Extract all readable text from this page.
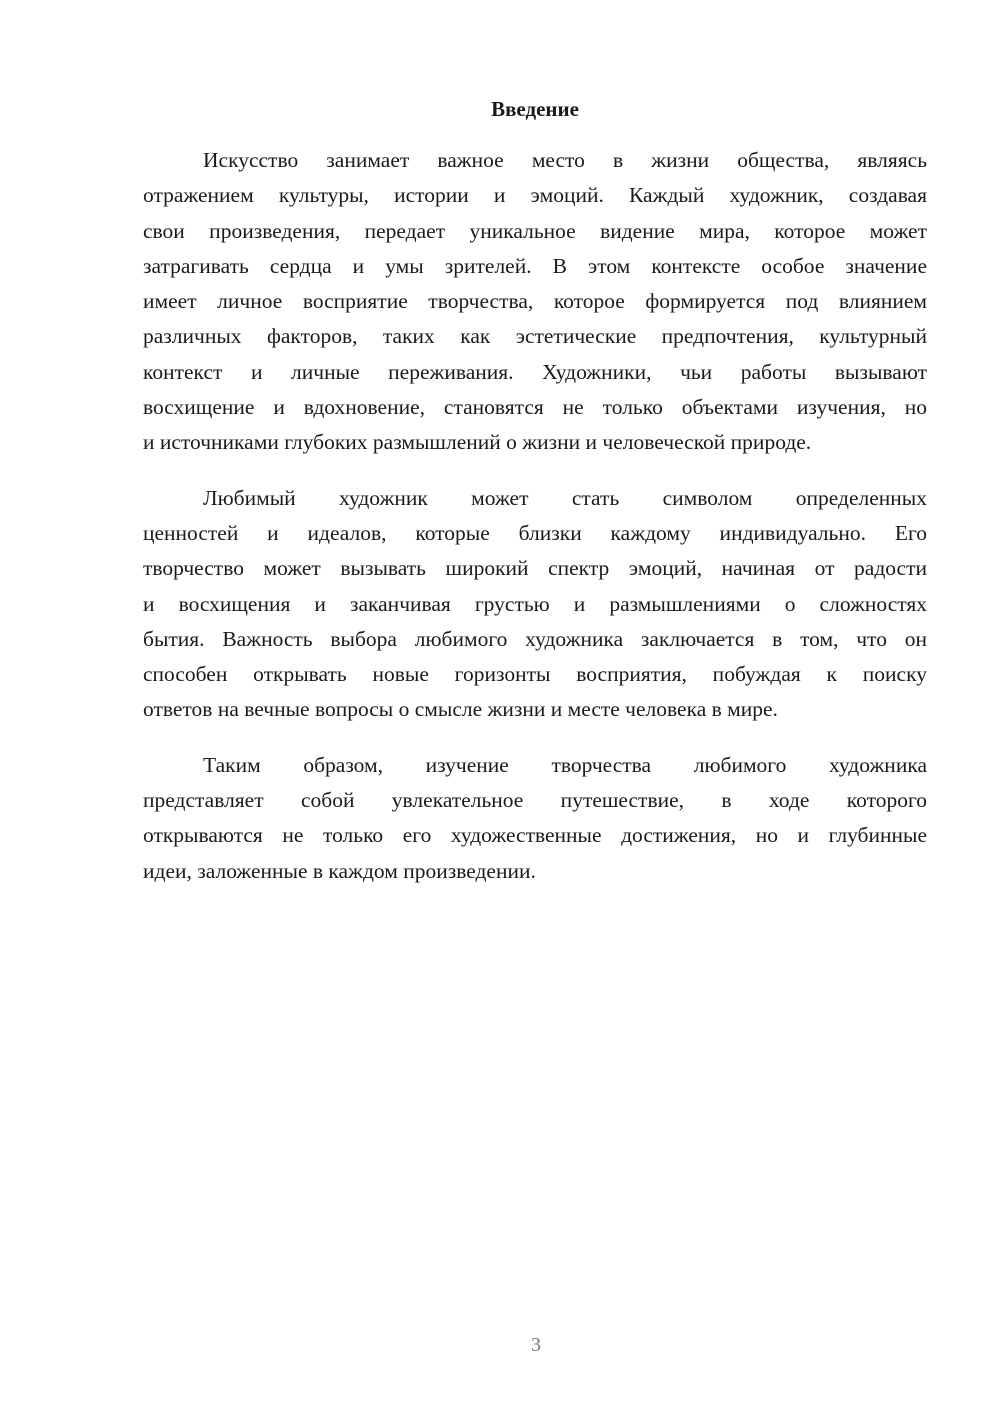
Введение
Искусство занимает важное место в жизни общества, являясь
отражением культуры, истории и эмоций. Каждый художник, создавая
свои произведения, передает уникальное видение мира, которое может
затрагивать сердца и умы зрителей. В этом контексте особое значение
имеет личное восприятие творчества, которое формируется под влиянием
различных факторов, таких как эстетические предпочтения, культурный
контекст и личные переживания. Художники, чьи работы вызывают
восхищение и вдохновение, становятся не только объектами изучения, но
и источниками глубоких размышлений о жизни и человеческой природе.
Любимый художник может стать символом определенных
ценностей и идеалов, которые близки каждому индивидуально. Его
творчество может вызывать широкий спектр эмоций, начиная от радости
и восхищения и заканчивая грустью и размышлениями о сложностях
бытия. Важность выбора любимого художника заключается в том, что он
способен открывать новые горизонты восприятия, побуждая к поиску
ответов на вечные вопросы о смысле жизни и месте человека в мире.
Таким образом, изучение творчества любимого художника
представляет собой увлекательное путешествие, в ходе которого
открываются не только его художественные достижения, но и глубинные
идеи, заложенные в каждом произведении.
3
